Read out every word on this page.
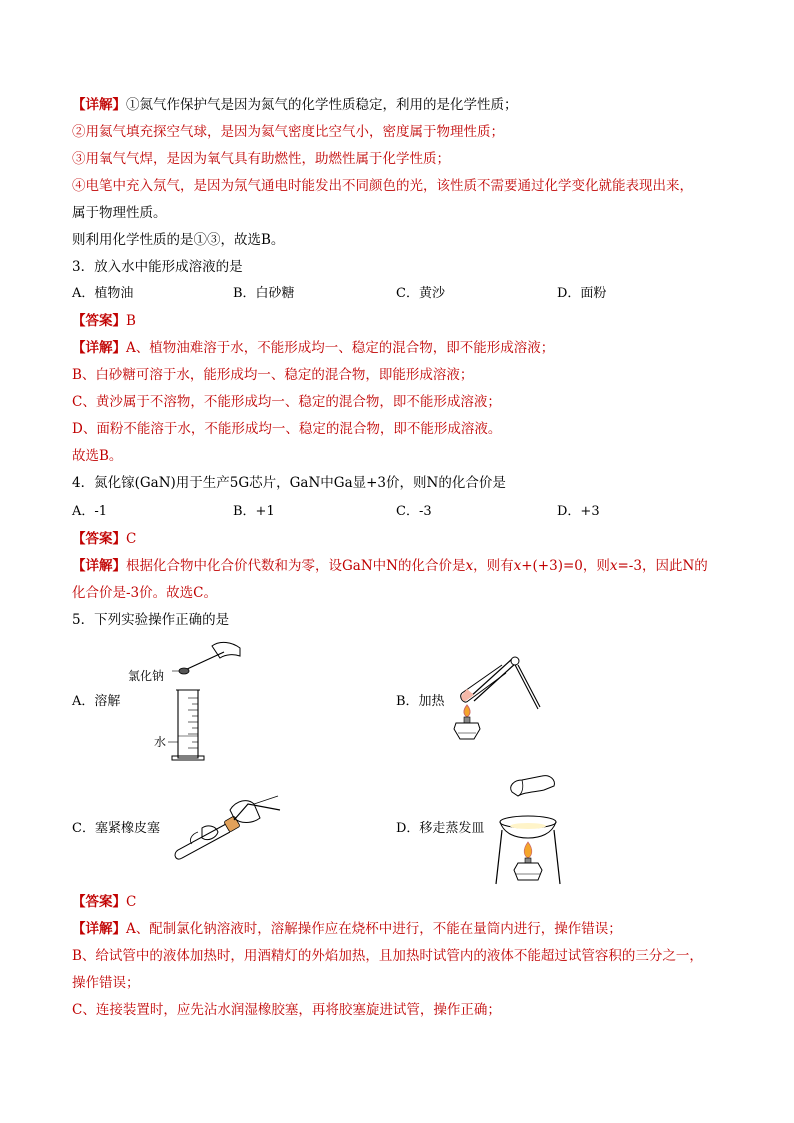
【详解】①氮气作保护气是因为氮气的化学性质稳定，利用的是化学性质；
②用氦气填充探空气球，是因为氦气密度比空气小，密度属于物理性质；
③用氧气气焊，是因为氧气具有助燃性，助燃性属于化学性质；
④电笔中充入氖气，是因为氖气通电时能发出不同颜色的光，该性质不需要通过化学变化就能表现出来，
属于物理性质。
则利用化学性质的是①③，故选B。
3．放入水中能形成溶液的是
A．植物油	B．白砂糖	C．黄沙	D．面粉
【答案】B
【详解】A、植物油难溶于水，不能形成均一、稳定的混合物，即不能形成溶液；
B、白砂糖可溶于水，能形成均一、稳定的混合物，即能形成溶液；
C、黄沙属于不溶物，不能形成均一、稳定的混合物，即不能形成溶液；
D、面粉不能溶于水，不能形成均一、稳定的混合物，即不能形成溶液。
故选B。
4．氮化镓(GaN)用于生产5G芯片，GaN中Ga显+3价，则N的化合价是
A．-1	B．+1	C．-3	D．+3
【答案】C
【详解】根据化合物中化合价代数和为零，设GaN中N的化合价是x，则有x+(+3)=0，则x=-3，因此N的
化合价是-3价。故选C。
5．下列实验操作正确的是
A．溶解	B．加热
C．塞紧橡皮塞	D．移走蒸发皿
氯化钠
水
【答案】C
【详解】A、配制氯化钠溶液时，溶解操作应在烧杯中进行，不能在量筒内进行，操作错误；
B、给试管中的液体加热时，用酒精灯的外焰加热，且加热时试管内的液体不能超过试管容积的三分之一，
操作错误；
C、连接装置时，应先沾水润湿橡胶塞，再将胶塞旋进试管，操作正确；
